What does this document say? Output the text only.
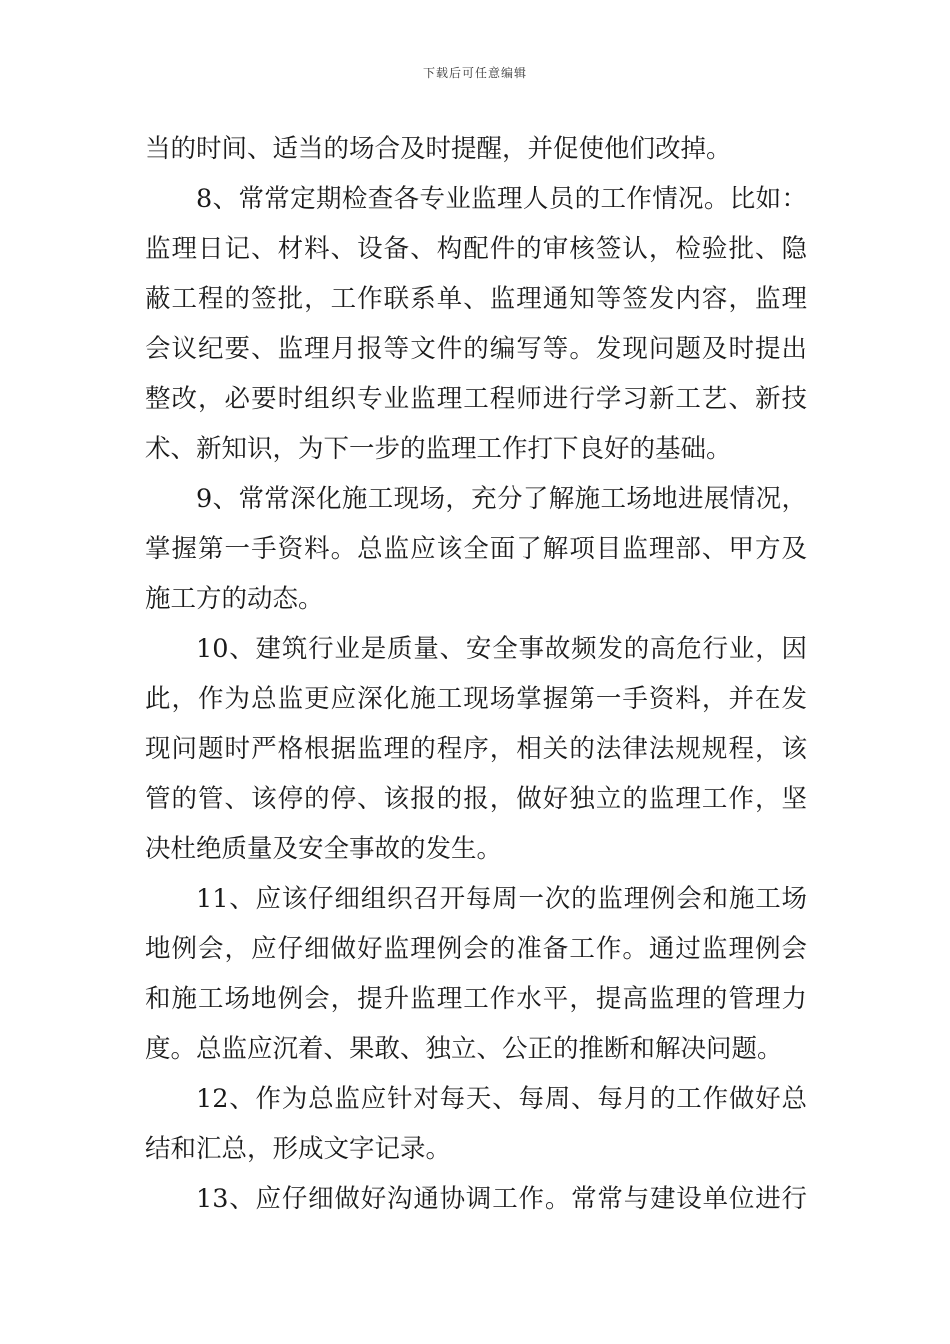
下载后可任意编辑
当的时间、适当的场合及时提醒，并促使他们改掉。
8、常常定期检查各专业监理人员的工作情况。比如：
监理日记、材料、设备、构配件的审核签认，检验批、隐
蔽工程的签批，工作联系单、监理通知等签发内容，监理
会议纪要、监理月报等文件的编写等。发现问题及时提出
整改，必要时组织专业监理工程师进行学习新工艺、新技
术、新知识，为下一步的监理工作打下良好的基础。
9、常常深化施工现场，充分了解施工场地进展情况，
掌握第一手资料。总监应该全面了解项目监理部、甲方及
施工方的动态。
10、建筑行业是质量、安全事故频发的高危行业，因
此，作为总监更应深化施工现场掌握第一手资料，并在发
现问题时严格根据监理的程序，相关的法律法规规程，该
管的管、该停的停、该报的报，做好独立的监理工作，坚
决杜绝质量及安全事故的发生。
11、应该仔细组织召开每周一次的监理例会和施工场
地例会，应仔细做好监理例会的准备工作。通过监理例会
和施工场地例会，提升监理工作水平，提高监理的管理力
度。总监应沉着、果敢、独立、公正的推断和解决问题。
12、作为总监应针对每天、每周、每月的工作做好总
结和汇总，形成文字记录。
13、应仔细做好沟通协调工作。常常与建设单位进行
